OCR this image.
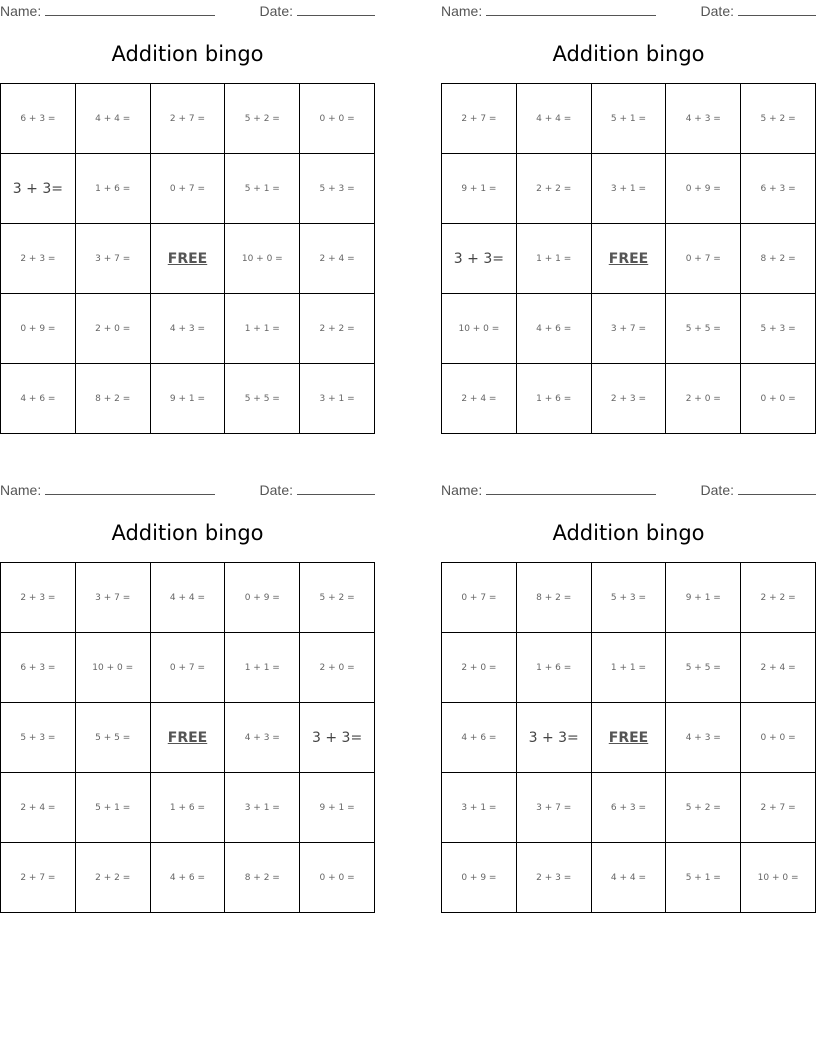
Name:	Date:
Addition bingo
6 + 3 =	4 + 4 =	2 + 7 =	5 + 2 =	0 + 0 =
3 + 3=	1 + 6 =	0 + 7 =	5 + 1 =	5 + 3 =
2 + 3 =	3 + 7 =	FREE	10 + 0 =	2 + 4 =
0 + 9 =	2 + 0 =	4 + 3 =	1 + 1 =	2 + 2 =
4 + 6 =	8 + 2 =	9 + 1 =	5 + 5 =	3 + 1 =
Name:	Date:
Addition bingo
2 + 7 =	4 + 4 =	5 + 1 =	4 + 3 =	5 + 2 =
9 + 1 =	2 + 2 =	3 + 1 =	0 + 9 =	6 + 3 =
3 + 3=	1 + 1 =	FREE	0 + 7 =	8 + 2 =
10 + 0 =	4 + 6 =	3 + 7 =	5 + 5 =	5 + 3 =
2 + 4 =	1 + 6 =	2 + 3 =	2 + 0 =	0 + 0 =
Name:	Date:
Addition bingo
2 + 3 =	3 + 7 =	4 + 4 =	0 + 9 =	5 + 2 =
6 + 3 =	10 + 0 =	0 + 7 =	1 + 1 =	2 + 0 =
5 + 3 =	5 + 5 =	FREE	4 + 3 =	3 + 3=
2 + 4 =	5 + 1 =	1 + 6 =	3 + 1 =	9 + 1 =
2 + 7 =	2 + 2 =	4 + 6 =	8 + 2 =	0 + 0 =
Name:	Date:
Addition bingo
0 + 7 =	8 + 2 =	5 + 3 =	9 + 1 =	2 + 2 =
2 + 0 =	1 + 6 =	1 + 1 =	5 + 5 =	2 + 4 =
4 + 6 =	3 + 3=	FREE	4 + 3 =	0 + 0 =
3 + 1 =	3 + 7 =	6 + 3 =	5 + 2 =	2 + 7 =
0 + 9 =	2 + 3 =	4 + 4 =	5 + 1 =	10 + 0 =
